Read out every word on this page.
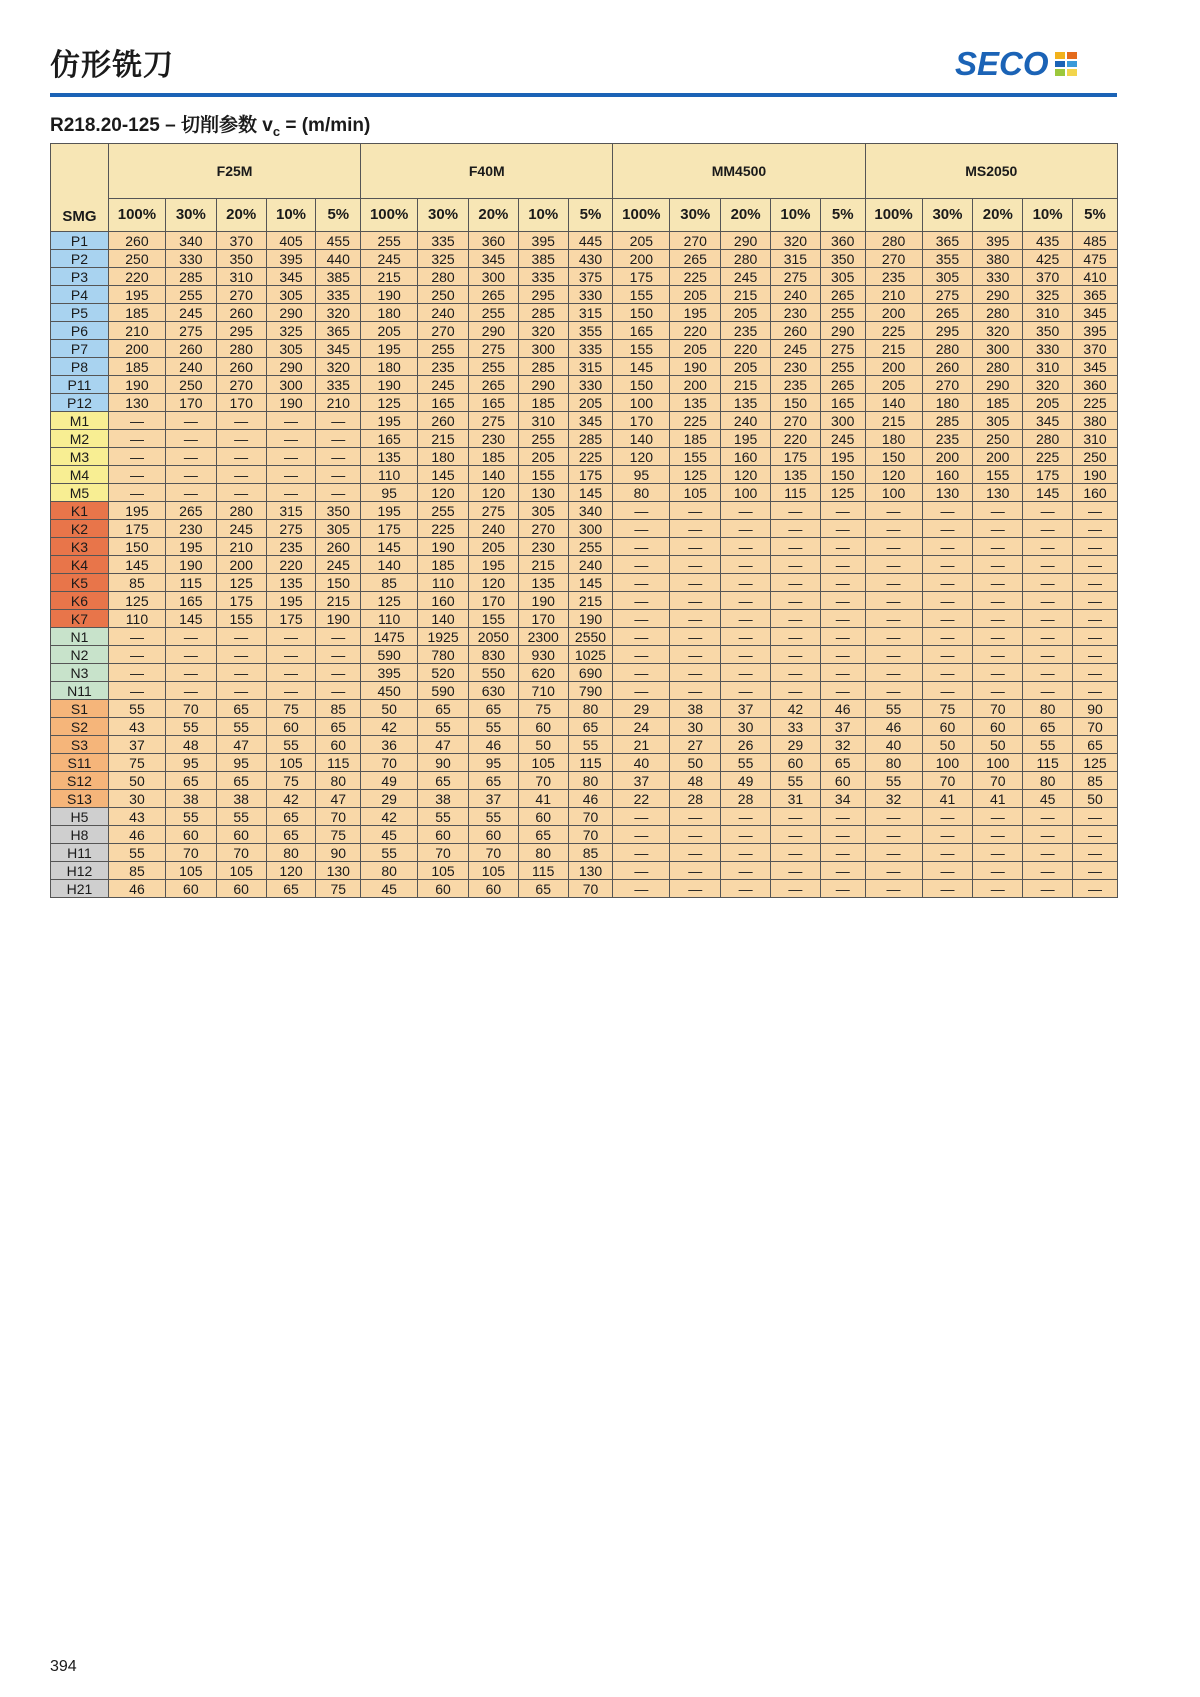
仿形铣刀	SECO
R218.20-125 – 切削参数 $v_c = (m/\min)$
SMG	F25M					F40M					MM4500					MS2050				
	100%	30%	20%	10%	5%	100%	30%	20%	10%	5%	100%	30%	20%	10%	5%	100%	30%	20%	10%	5%
P1	260	340	370	405	455	255	335	360	395	445	205	270	290	320	360	280	365	395	435	485
P2	250	330	350	395	440	245	325	345	385	430	200	265	280	315	350	270	355	380	425	475
P3	220	285	310	345	385	215	280	300	335	375	175	225	245	275	305	235	305	330	370	410
P4	195	255	270	305	335	190	250	265	295	330	155	205	215	240	265	210	275	290	325	365
P5	185	245	260	290	320	180	240	255	285	315	150	195	205	230	255	200	265	280	310	345
P6	210	275	295	325	365	205	270	290	320	355	165	220	235	260	290	225	295	320	350	395
P7	200	260	280	305	345	195	255	275	300	335	155	205	220	245	275	215	280	300	330	370
P8	185	240	260	290	320	180	235	255	285	315	145	190	205	230	255	200	260	280	310	345
P11	190	250	270	300	335	190	245	265	290	330	150	200	215	235	265	205	270	290	320	360
P12	130	170	170	190	210	125	165	165	185	205	100	135	135	150	165	140	180	185	205	225
M1	—	—	—	—	—	195	260	275	310	345	170	225	240	270	300	215	285	305	345	380
M2	—	—	—	—	—	165	215	230	255	285	140	185	195	220	245	180	235	250	280	310
M3	—	—	—	—	—	135	180	185	205	225	120	155	160	175	195	150	200	200	225	250
M4	—	—	—	—	—	110	145	140	155	175	95	125	120	135	150	120	160	155	175	190
M5	—	—	—	—	—	95	120	120	130	145	80	105	100	115	125	100	130	130	145	160
K1	195	265	280	315	350	195	255	275	305	340	—	—	—	—	—	—	—	—	—	—
K2	175	230	245	275	305	175	225	240	270	300	—	—	—	—	—	—	—	—	—	—
K3	150	195	210	235	260	145	190	205	230	255	—	—	—	—	—	—	—	—	—	—
K4	145	190	200	220	245	140	185	195	215	240	—	—	—	—	—	—	—	—	—	—
K5	85	115	125	135	150	85	110	120	135	145	—	—	—	—	—	—	—	—	—	—
K6	125	165	175	195	215	125	160	170	190	215	—	—	—	—	—	—	—	—	—	—
K7	110	145	155	175	190	110	140	155	170	190	—	—	—	—	—	—	—	—	—	—
N1	—	—	—	—	—	1475	1925	2050	2300	2550	—	—	—	—	—	—	—	—	—	—
N2	—	—	—	—	—	590	780	830	930	1025	—	—	—	—	—	—	—	—	—	—
N3	—	—	—	—	—	395	520	550	620	690	—	—	—	—	—	—	—	—	—	—
N11	—	—	—	—	—	450	590	630	710	790	—	—	—	—	—	—	—	—	—	—
S1	55	70	65	75	85	50	65	65	75	80	29	38	37	42	46	55	75	70	80	90
S2	43	55	55	60	65	42	55	55	60	65	24	30	30	33	37	46	60	60	65	70
S3	37	48	47	55	60	36	47	46	50	55	21	27	26	29	32	40	50	50	55	65
S11	75	95	95	105	115	70	90	95	105	115	40	50	55	60	65	80	100	100	115	125
S12	50	65	65	75	80	49	65	65	70	80	37	48	49	55	60	55	70	70	80	85
S13	30	38	38	42	47	29	38	37	41	46	22	28	28	31	34	32	41	41	45	50
H5	43	55	55	65	70	42	55	55	60	70	—	—	—	—	—	—	—	—	—	—
H8	46	60	60	65	75	45	60	60	65	70	—	—	—	—	—	—	—	—	—	—
H11	55	70	70	80	90	55	70	70	80	85	—	—	—	—	—	—	—	—	—	—
H12	85	105	105	120	130	80	105	105	115	130	—	—	—	—	—	—	—	—	—	—
H21	46	60	60	65	75	45	60	60	65	70	—	—	—	—	—	—	—	—	—	—
394
